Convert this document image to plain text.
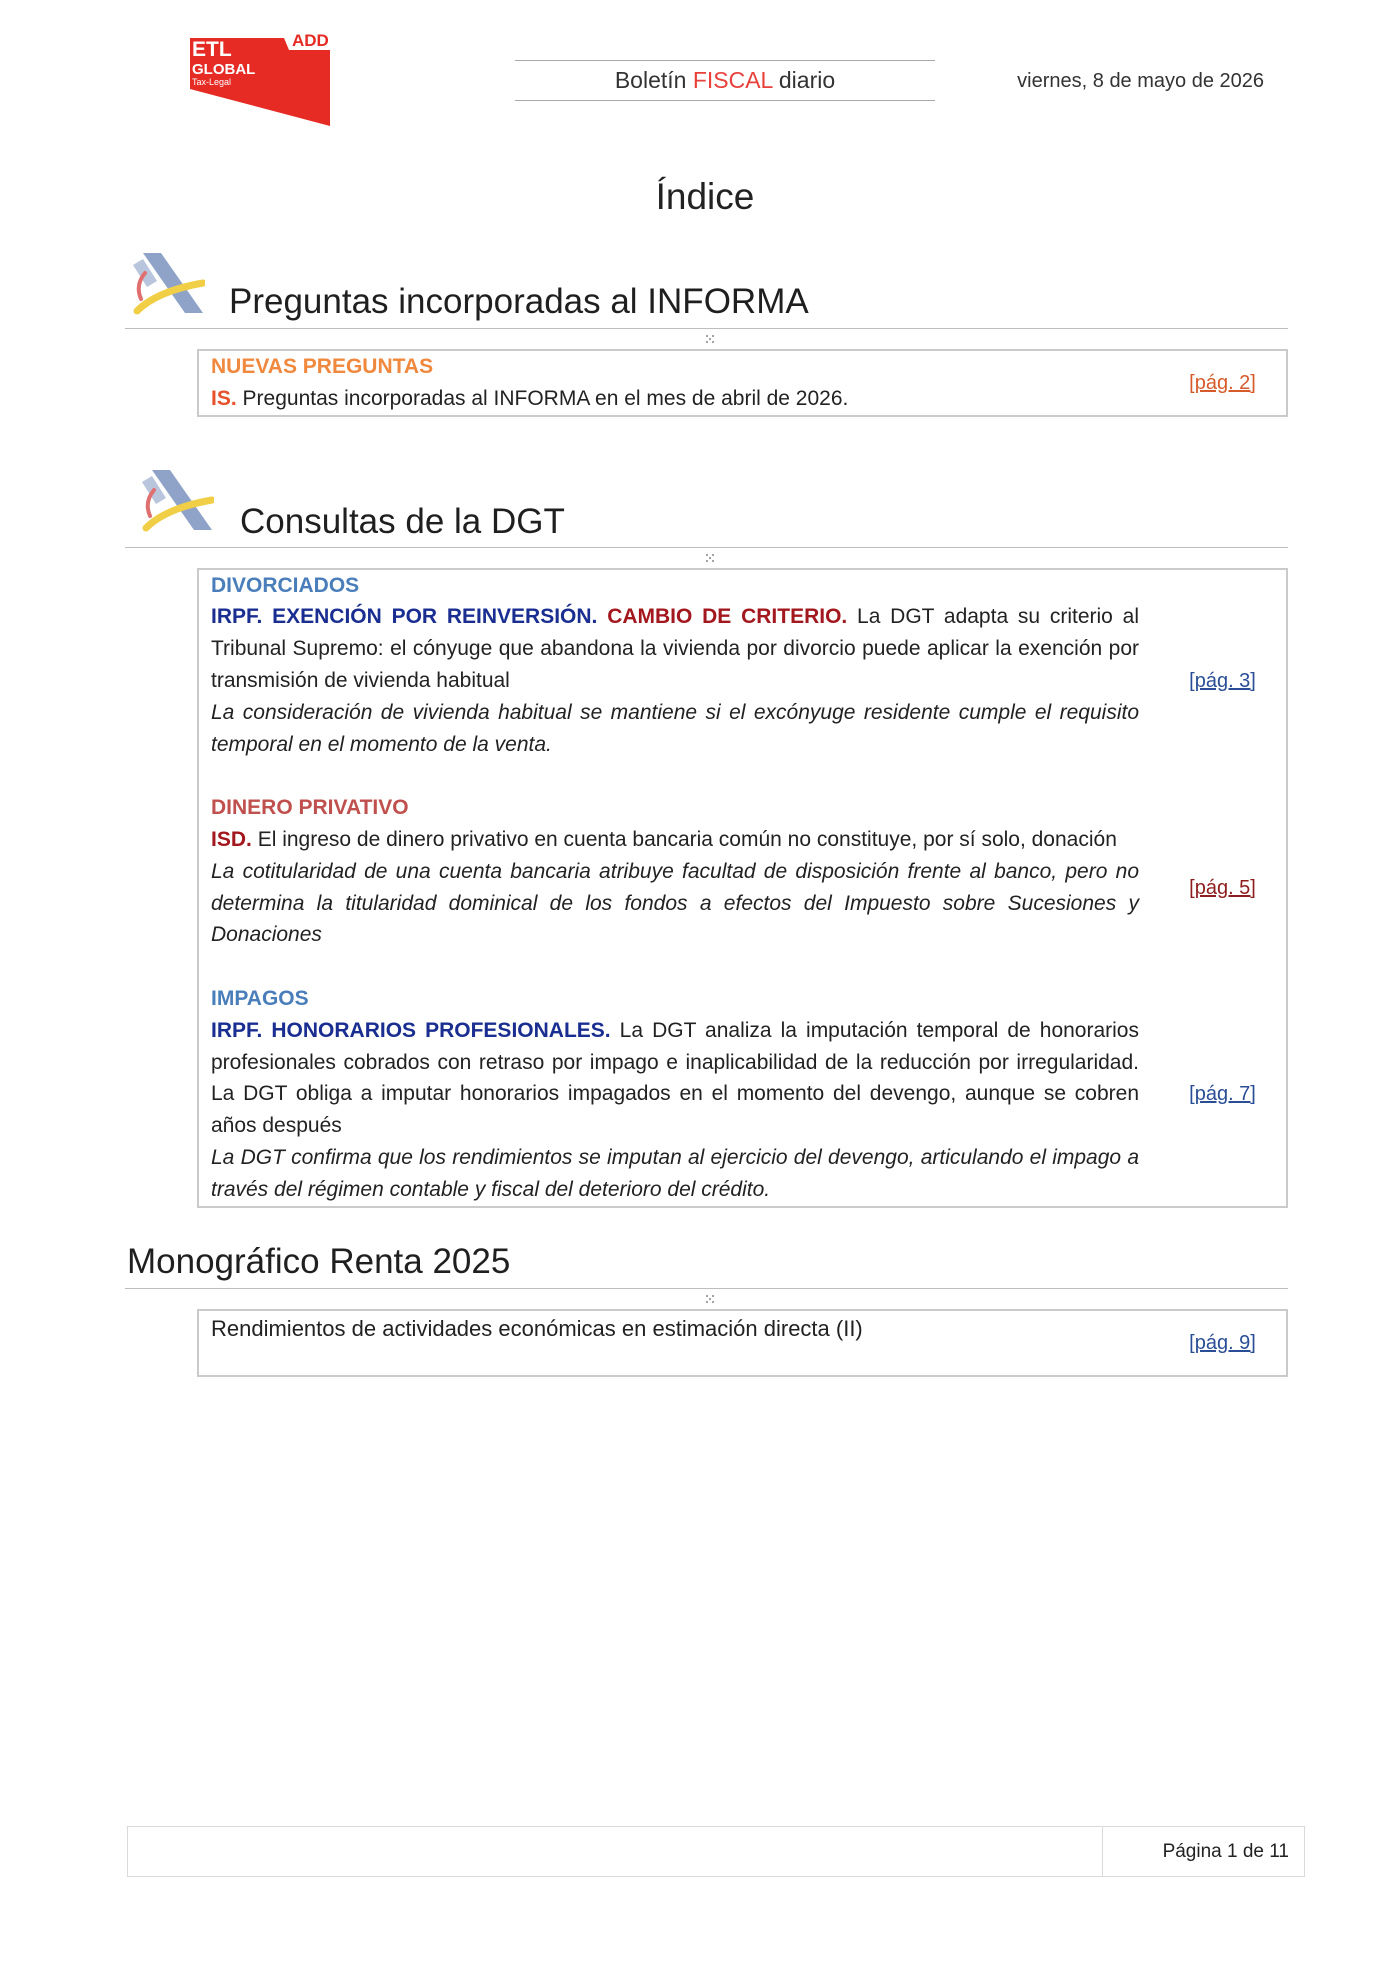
ADD
ETL
GLOBAL
Tax-Legal	Boletín FISCAL diario	viernes, 8 de mayo de 2026
Índice
Preguntas incorporadas al INFORMA
NUEVAS PREGUNTAS

IS. Preguntas incorporadas al INFORMA en el mes de abril de 2026.

[pág. 2]
Consultas de la DGT
DIVORCIADOS

IRPF. EXENCIÓN POR REINVERSIÓN. CAMBIO DE CRITERIO. La DGT adapta su criterio al Tribunal Supremo: el cónyuge que abandona la vivienda por divorcio puede aplicar la exención por transmisión de vivienda habitual

La consideración de vivienda habitual se mantiene si el excónyuge residente cumple el requisito temporal en el momento de la venta.

[pág. 3]
DINERO PRIVATIVO

ISD. El ingreso de dinero privativo en cuenta bancaria común no constituye, por sí solo, donación

La cotitularidad de una cuenta bancaria atribuye facultad de disposición frente al banco, pero no determina la titularidad dominical de los fondos a efectos del Impuesto sobre Sucesiones y Donaciones

[pág. 5]
IMPAGOS

IRPF. HONORARIOS PROFESIONALES. La DGT analiza la imputación temporal de honorarios profesionales cobrados con retraso por impago e inaplicabilidad de la reducción por irregularidad. La DGT obliga a imputar honorarios impagados en el momento del devengo, aunque se cobren años después

La DGT confirma que los rendimientos se imputan al ejercicio del devengo, articulando el impago a través del régimen contable y fiscal del deterioro del crédito.

[pág. 7]
Monográfico Renta 2025

Rendimientos de actividades económicas en estimación directa (II)

[pág. 9]
Página 1 de 11
